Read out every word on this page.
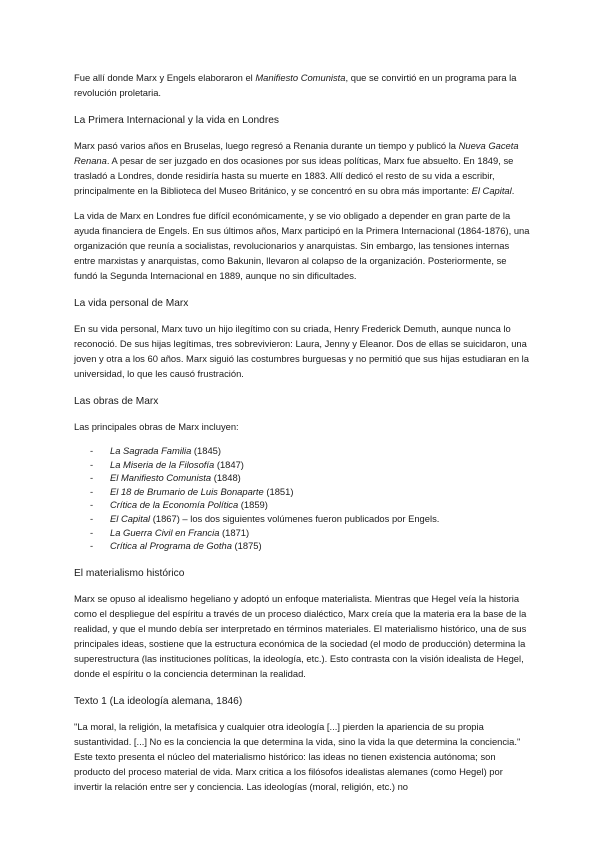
Fue allí donde Marx y Engels elaboraron el Manifiesto Comunista, que se convirtió en un programa para la revolución proletaria.

La Primera Internacional y la vida en Londres

Marx pasó varios años en Bruselas, luego regresó a Renania durante un tiempo y publicó la Nueva Gaceta Renana. A pesar de ser juzgado en dos ocasiones por sus ideas políticas, Marx fue absuelto. En 1849, se trasladó a Londres, donde residiría hasta su muerte en 1883. Allí dedicó el resto de su vida a escribir, principalmente en la Biblioteca del Museo Británico, y se concentró en su obra más importante: El Capital.

La vida de Marx en Londres fue difícil económicamente, y se vio obligado a depender en gran parte de la ayuda financiera de Engels. En sus últimos años, Marx participó en la Primera Internacional (1864-1876), una organización que reunía a socialistas, revolucionarios y anarquistas. Sin embargo, las tensiones internas entre marxistas y anarquistas, como Bakunin, llevaron al colapso de la organización. Posteriormente, se fundó la Segunda Internacional en 1889, aunque no sin dificultades.

La vida personal de Marx

En su vida personal, Marx tuvo un hijo ilegítimo con su criada, Henry Frederick Demuth, aunque nunca lo reconoció. De sus hijas legítimas, tres sobrevivieron: Laura, Jenny y Eleanor. Dos de ellas se suicidaron, una joven y otra a los 60 años. Marx siguió las costumbres burguesas y no permitió que sus hijas estudiaran en la universidad, lo que les causó frustración.

Las obras de Marx

Las principales obras de Marx incluyen:

- La Sagrada Familia (1845)
- La Miseria de la Filosofía (1847)
- El Manifiesto Comunista (1848)
- El 18 de Brumario de Luis Bonaparte (1851)
- Crítica de la Economía Política (1859)
- El Capital (1867) – los dos siguientes volúmenes fueron publicados por Engels.
- La Guerra Civil en Francia (1871)
- Crítica al Programa de Gotha (1875)
El materialismo histórico

Marx se opuso al idealismo hegeliano y adoptó un enfoque materialista. Mientras que Hegel veía la historia como el despliegue del espíritu a través de un proceso dialéctico, Marx creía que la materia era la base de la realidad, y que el mundo debía ser interpretado en términos materiales. El materialismo histórico, una de sus principales ideas, sostiene que la estructura económica de la sociedad (el modo de producción) determina la superestructura (las instituciones políticas, la ideología, etc.). Esto contrasta con la visión idealista de Hegel, donde el espíritu o la conciencia determinan la realidad.

Texto 1 (La ideología alemana, 1846)

"La moral, la religión, la metafísica y cualquier otra ideología [...] pierden la apariencia de su propia sustantividad. [...] No es la conciencia la que determina la vida, sino la vida la que determina la conciencia." Este texto presenta el núcleo del materialismo histórico: las ideas no tienen existencia autónoma; son producto del proceso material de vida. Marx critica a los filósofos idealistas alemanes (como Hegel) por invertir la relación entre ser y conciencia. Las ideologías (moral, religión, etc.) no
